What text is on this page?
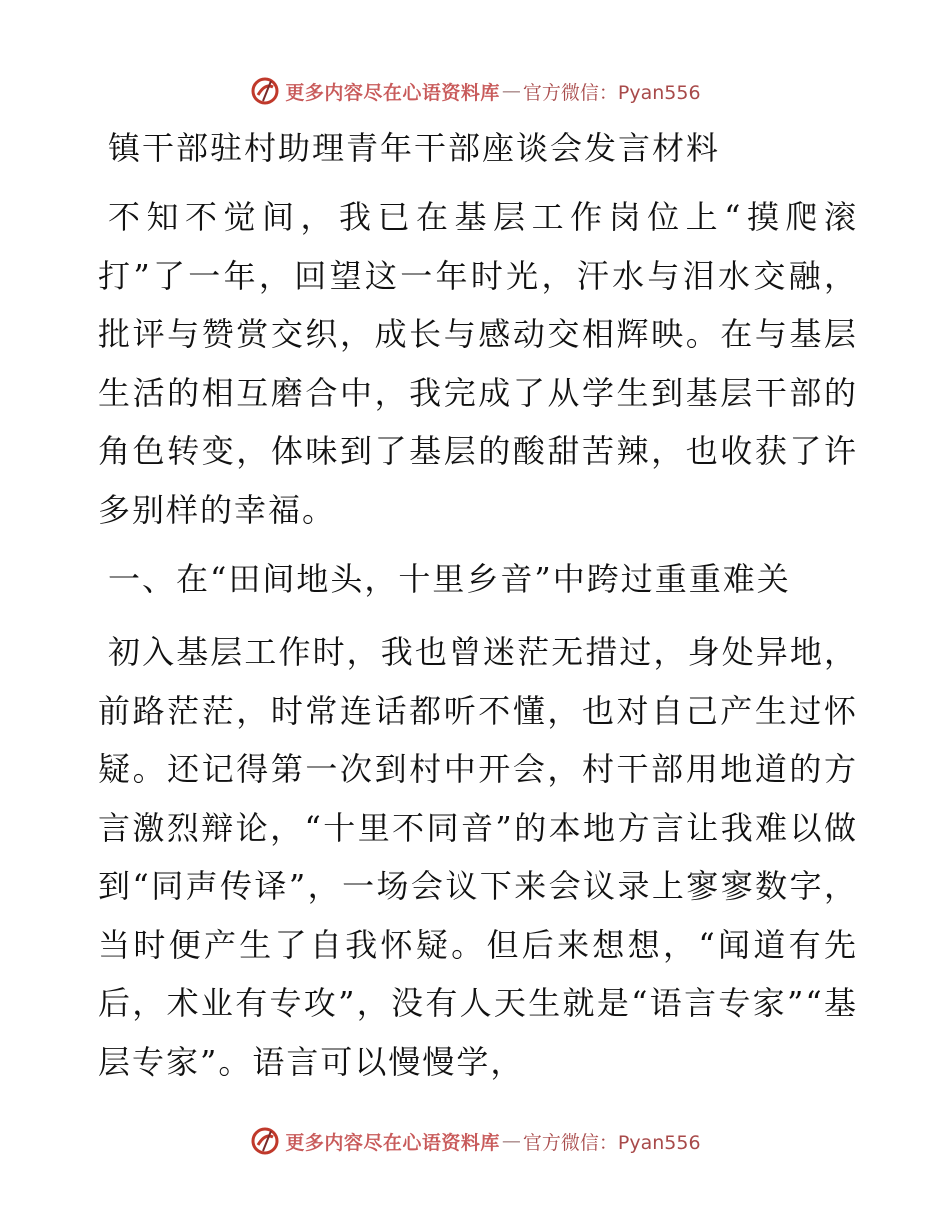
更多内容尽在心语资料库 — 官方微信：Pyan556
镇干部驻村助理青年干部座谈会发言材料

不知不觉间，我已在基层工作岗位上“摸爬滚打”了一年，回望这一年时光，汗水与泪水交融，批评与赞赏交织，成长与感动交相辉映。在与基层生活的相互磨合中，我完成了从学生到基层干部的角色转变，体味到了基层的酸甜苦辣，也收获了许多别样的幸福。

一、在“田间地头，十里乡音”中跨过重重难关

初入基层工作时，我也曾迷茫无措过，身处异地，前路茫茫，时常连话都听不懂，也对自己产生过怀疑。还记得第一次到村中开会，村干部用地道的方言激烈辩论，“十里不同音”的本地方言让我难以做到“同声传译”，一场会议下来会议录上寥寥数字，当时便产生了自我怀疑。但后来想想，“闻道有先后，术业有专攻”，没有人天生就是“语言专家”“基层专家”。语言可以慢慢学，

更多内容尽在心语资料库 — 官方微信：Pyan556
